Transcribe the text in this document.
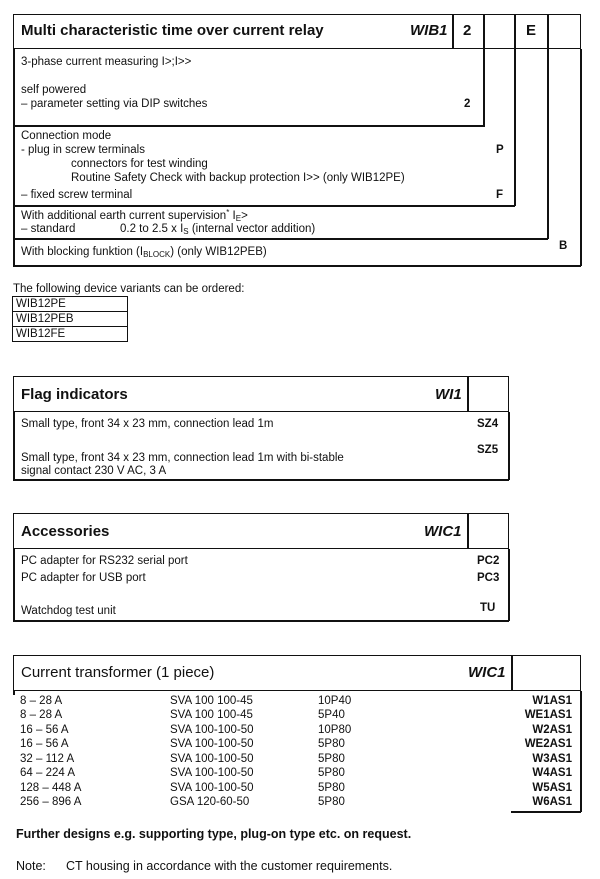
Multi characteristic time over current relay	WIB1 2	E
3-phase current measuring I>;I>>
self powered
– parameter setting via DIP switches	2
Connection mode
- plug in screw terminals	P
connectors for test winding
Routine Safety Check with backup protection I>> (only WIB12PE)
– fixed screw terminal	F
With additional earth current supervision* $I_E>$
– standard	0.2 to 2.5 x $I_S$ (internal vector addition)
With blocking funktion $(I_{BLOCK})$ (only WIB12PEB)	B
The following device variants can be ordered:
WIB12PE
WIB12PEB
WIB12FE
Flag indicators	WI1
Small type, front 34 x 23 mm, connection lead 1m	SZ4
Small type, front 34 x 23 mm, connection lead 1m with bi-stable
signal contact 230 V AC, 3 A
SZ5
Accessories	WIC1
PC adapter for RS232 serial port	PC2
PC adapter for USB port	PC3
Watchdog test unit	TU
Current transformer (1 piece)	WIC1
8 – 28 A	SVA 100 100-45	10P40	W1AS1
8 – 28 A	SVA 100 100-45	5P40	WE1AS1
16 – 56 A	SVA 100-100-50	10P80	W2AS1
16 – 56 A	SVA 100-100-50	5P80	WE2AS1
32 – 112 A	SVA 100-100-50	5P80	W3AS1
64 – 224 A	SVA 100-100-50	5P80	W4AS1
128 – 448 A	SVA 100-100-50	5P80	W5AS1
256 – 896 A	GSA 120-60-50	5P80	W6AS1
Further designs e.g. supporting type, plug-on type etc. on request.
Note: CT housing in accordance with the customer requirements.
